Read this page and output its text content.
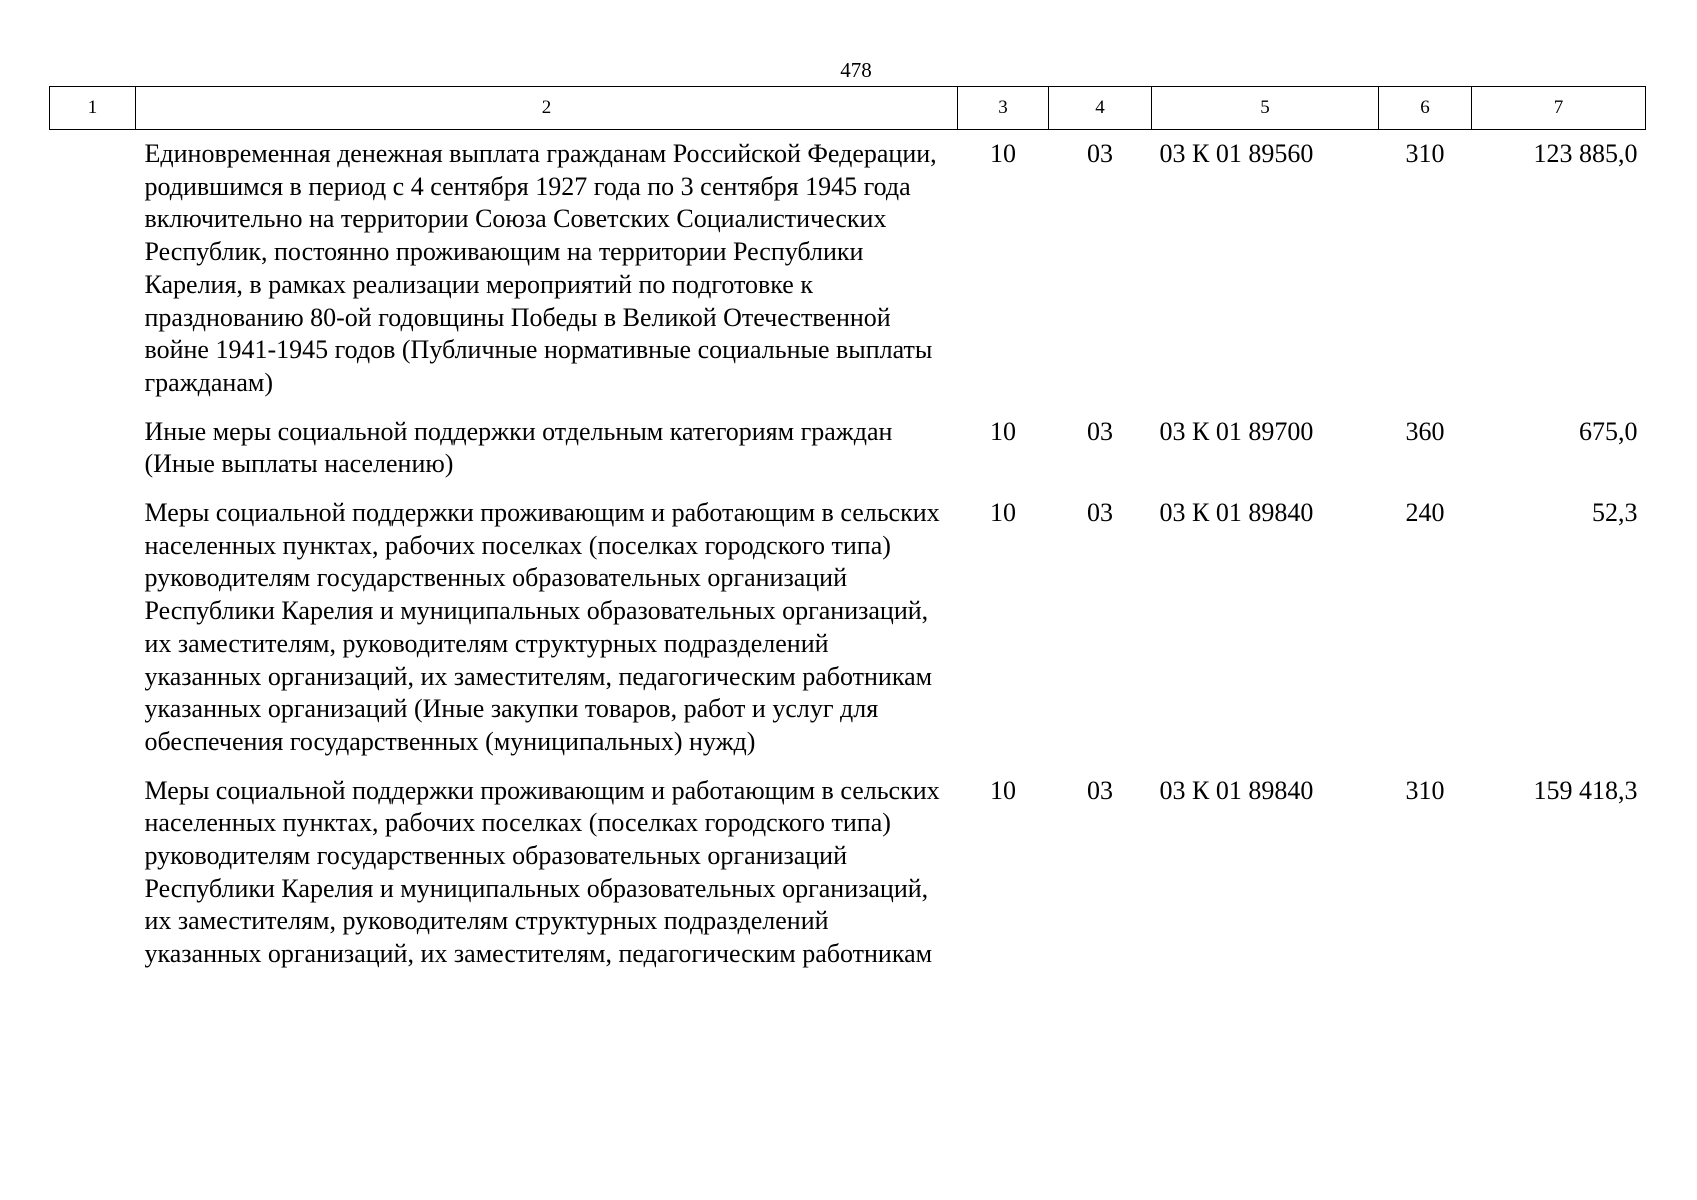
478
1	2	3	4	5	6	7
	Единовременная денежная выплата гражданам Российской Федерации, родившимся в период с 4 сентября 1927 года по 3 сентября 1945 года включительно на территории Союза Советских Социалистических Республик, постоянно проживающим на территории Республики Карелия, в рамках реализации мероприятий по подготовке к празднованию 80-ой годовщины Победы в Великой Отечественной войне 1941-1945 годов (Публичные нормативные социальные выплаты гражданам)	10	03	03 К 01 89560	310	123 885,0
	Иные меры социальной поддержки отдельным категориям граждан (Иные выплаты населению)	10	03	03 К 01 89700	360	675,0
	Меры социальной поддержки проживающим и работающим в сельских населенных пунктах, рабочих поселках (поселках городского типа) руководителям государственных образовательных организаций Республики Карелия и муниципальных образовательных организаций, их заместителям, руководителям структурных подразделений указанных организаций, их заместителям, педагогическим работникам указанных организаций (Иные закупки товаров, работ и услуг для обеспечения государственных (муниципальных) нужд)	10	03	03 К 01 89840	240	52,3
	Меры социальной поддержки проживающим и работающим в сельских населенных пунктах, рабочих поселках (поселках городского типа) руководителям государственных образовательных организаций Республики Карелия и муниципальных образовательных организаций, их заместителям, руководителям структурных подразделений указанных организаций, их заместителям, педагогическим работникам	10	03	03 К 01 89840	310	159 418,3
